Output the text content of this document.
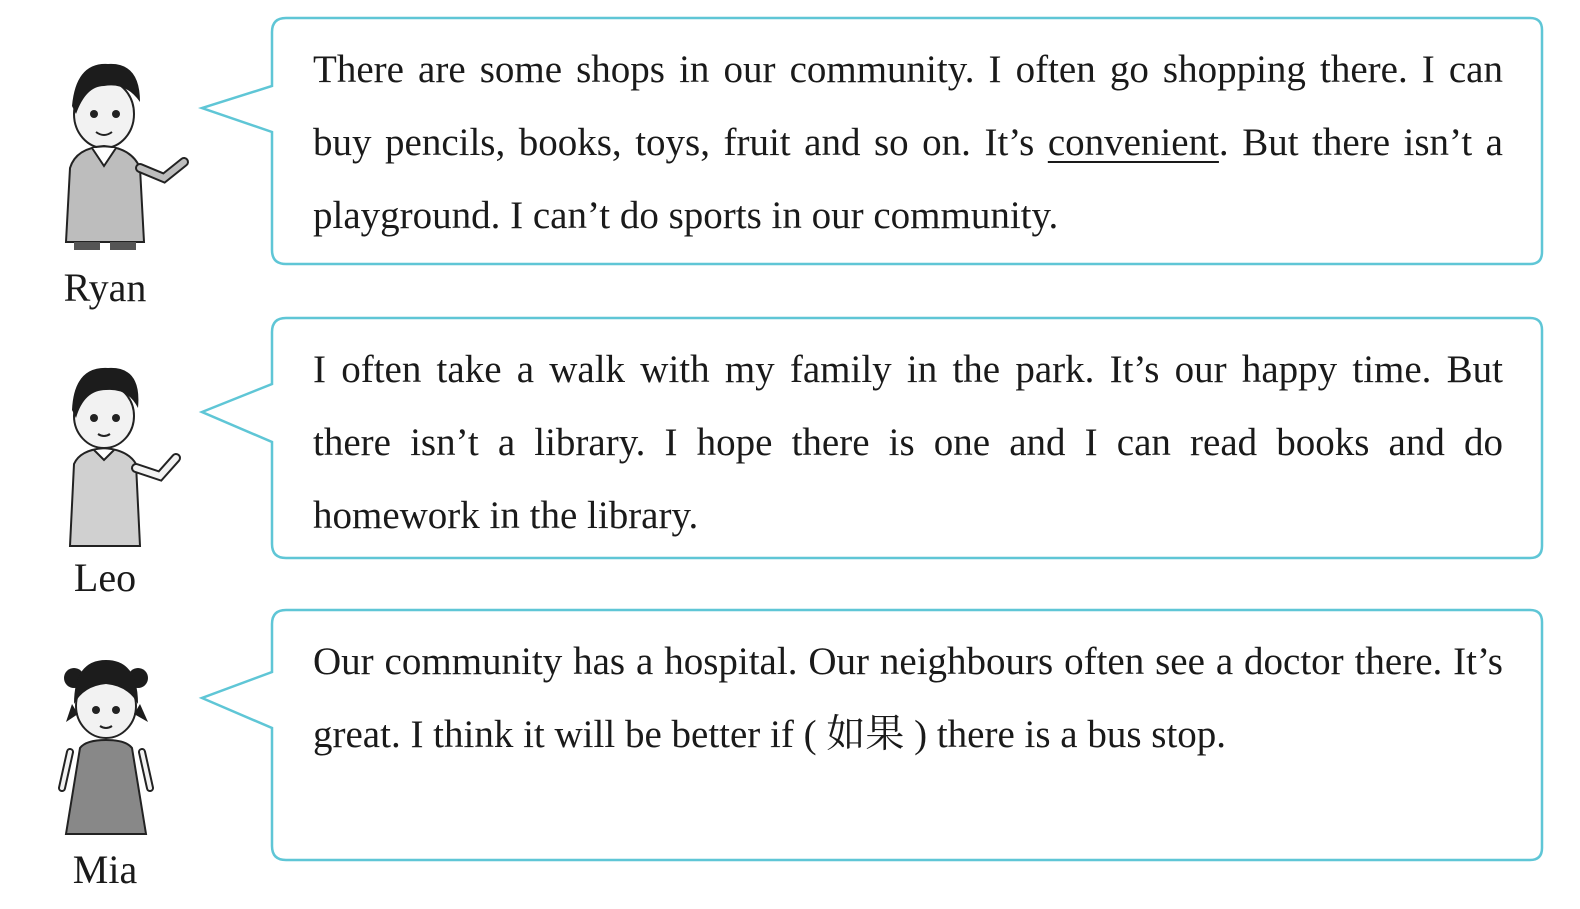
Ryan
There are some shops in our community. I often go shopping there. I can buy pencils, books, toys, fruit and so on. It’s convenient. But there isn’t a playground. I can’t do sports in our community.
Leo
I often take a walk with my family in the park. It’s our happy time. But there isn’t a library. I hope there is one and I can read books and do homework in the library.
Mia
Our community has a hospital. Our neighbours often see a doctor there. It’s great. I think it will be better if ( 如果 ) there is a bus stop.
